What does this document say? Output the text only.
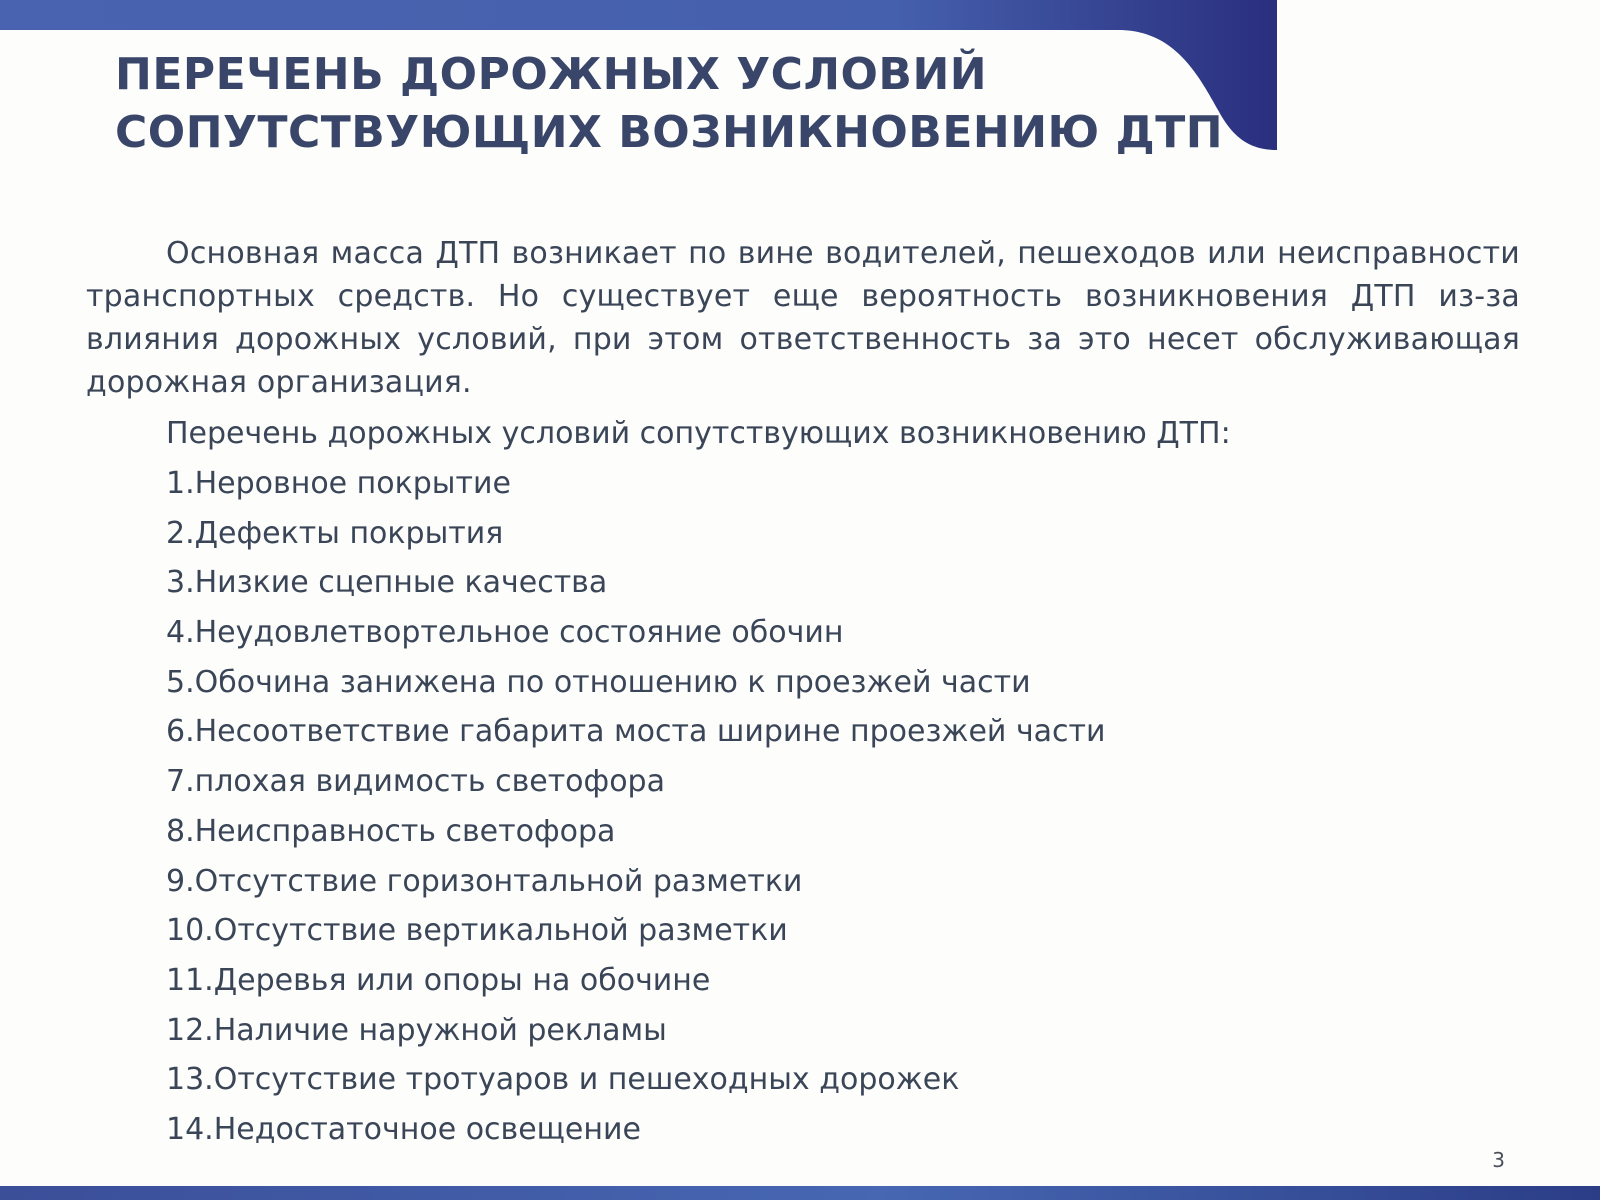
ПЕРЕЧЕНЬ ДОРОЖНЫХ УСЛОВИЙ
СОПУТСТВУЮЩИХ ВОЗНИКНОВЕНИЮ ДТП

Основная масса ДТП возникает по вине водителей, пешеходов или неисправности транспортных средств. Но существует еще вероятность возникновения ДТП из-за влияния дорожных условий, при этом ответственность за это несет обслуживающая дорожная организация.

Перечень дорожных условий сопутствующих возникновению ДТП:

1.Неровное покрытие
2.Дефекты покрытия
3.Низкие сцепные качества
4.Неудовлетвортельное состояние обочин
5.Обочина занижена по отношению к проезжей части
6.Несоответствие габарита моста ширине проезжей части
7.плохая видимость светофора
8.Неисправность светофора
9.Отсутствие горизонтальной разметки
10.Отсутствие вертикальной разметки
11.Деревья или опоры на обочине
12.Наличие наружной рекламы
13.Отсутствие тротуаров и пешеходных дорожек
14.Недостаточное освещение
3
